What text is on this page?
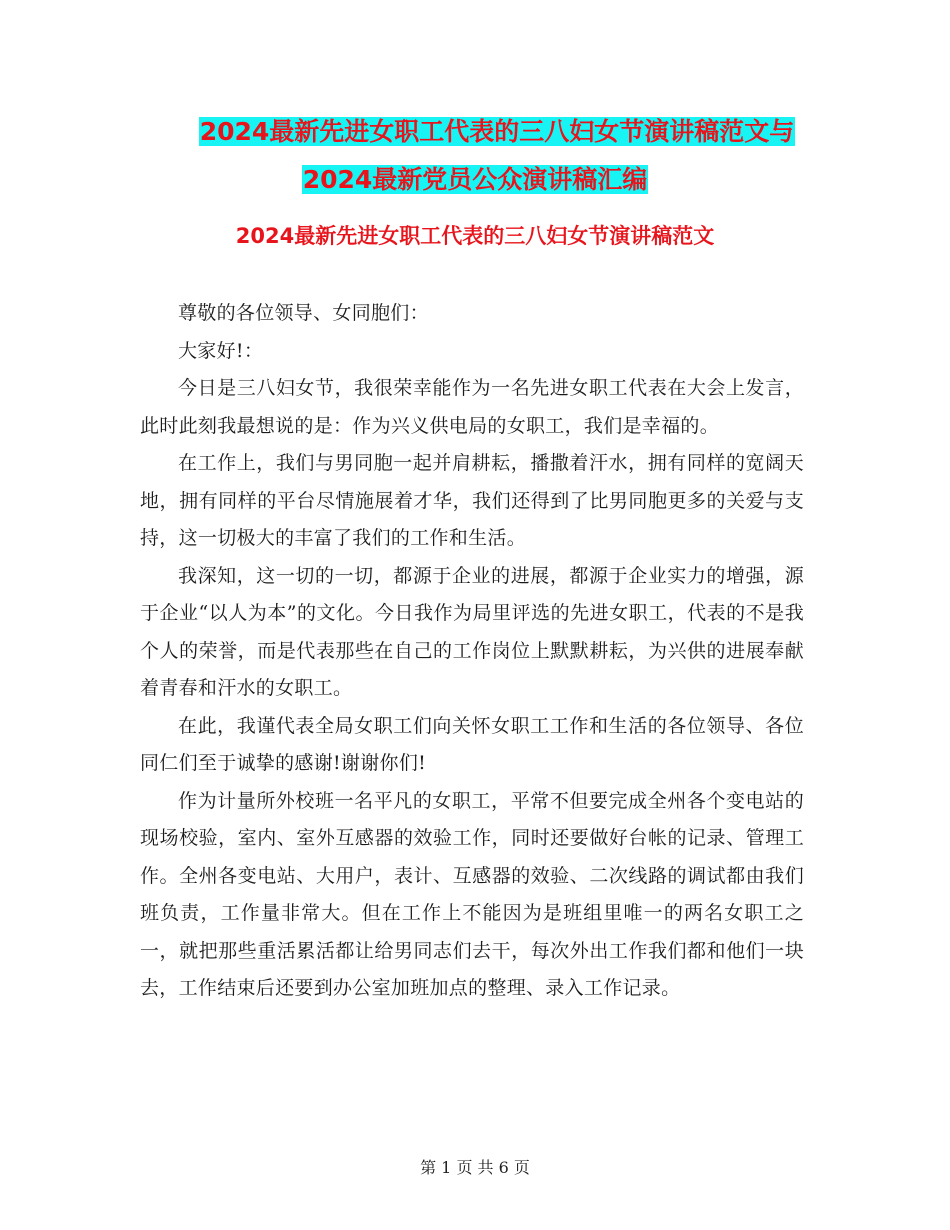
2024最新先进女职工代表的三八妇女节演讲稿范文与
2024最新党员公众演讲稿汇编
2024最新先进女职工代表的三八妇女节演讲稿范文

尊敬的各位领导、女同胞们：

大家好!：

今日是三八妇女节，我很荣幸能作为一名先进女职工代表在大会上发言，此时此刻我最想说的是：作为兴义供电局的女职工，我们是幸福的。

在工作上，我们与男同胞一起并肩耕耘，播撒着汗水，拥有同样的宽阔天地，拥有同样的平台尽情施展着才华，我们还得到了比男同胞更多的关爱与支持，这一切极大的丰富了我们的工作和生活。

我深知，这一切的一切，都源于企业的进展，都源于企业实力的增强，源于企业“以人为本”的文化。今日我作为局里评选的先进女职工，代表的不是我个人的荣誉，而是代表那些在自己的工作岗位上默默耕耘，为兴供的进展奉献着青春和汗水的女职工。

在此，我谨代表全局女职工们向关怀女职工工作和生活的各位领导、各位同仁们至于诚挚的感谢!谢谢你们!

作为计量所外校班一名平凡的女职工，平常不但要完成全州各个变电站的现场校验，室内、室外互感器的效验工作，同时还要做好台帐的记录、管理工作。全州各变电站、大用户，表计、互感器的效验、二次线路的调试都由我们班负责，工作量非常大。但在工作上不能因为是班组里唯一的两名女职工之一，就把那些重活累活都让给男同志们去干，每次外出工作我们都和他们一块去，工作结束后还要到办公室加班加点的整理、录入工作记录。

第 1 页 共 6 页
